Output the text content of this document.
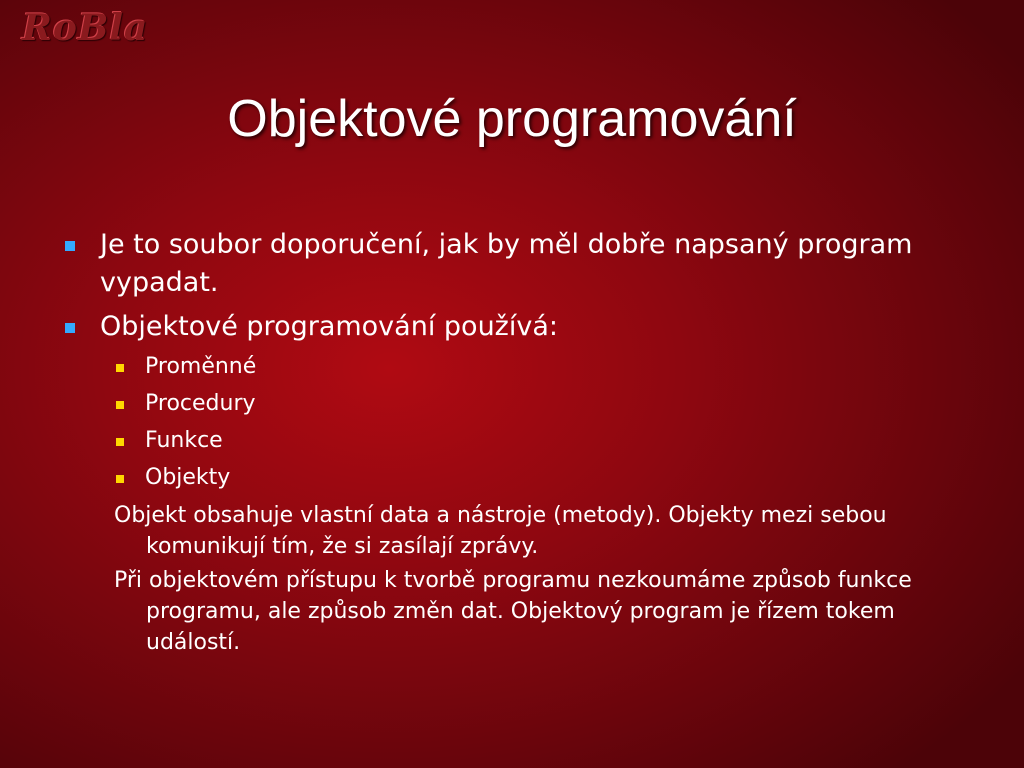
RoBla
Objektové programování
Je to soubor doporučení, jak by měl dobře napsaný program vypadat.
Objektové programování používá:
Proměnné
Procedury
Funkce
Objekty
Objekt obsahuje vlastní data a nástroje (metody). Objekty mezi sebou komunikují tím, že si zasílají zprávy.
Při objektovém přístupu k tvorbě programu nezkoumáme způsob funkce programu, ale způsob změn dat. Objektový program je řízem tokem událostí.
